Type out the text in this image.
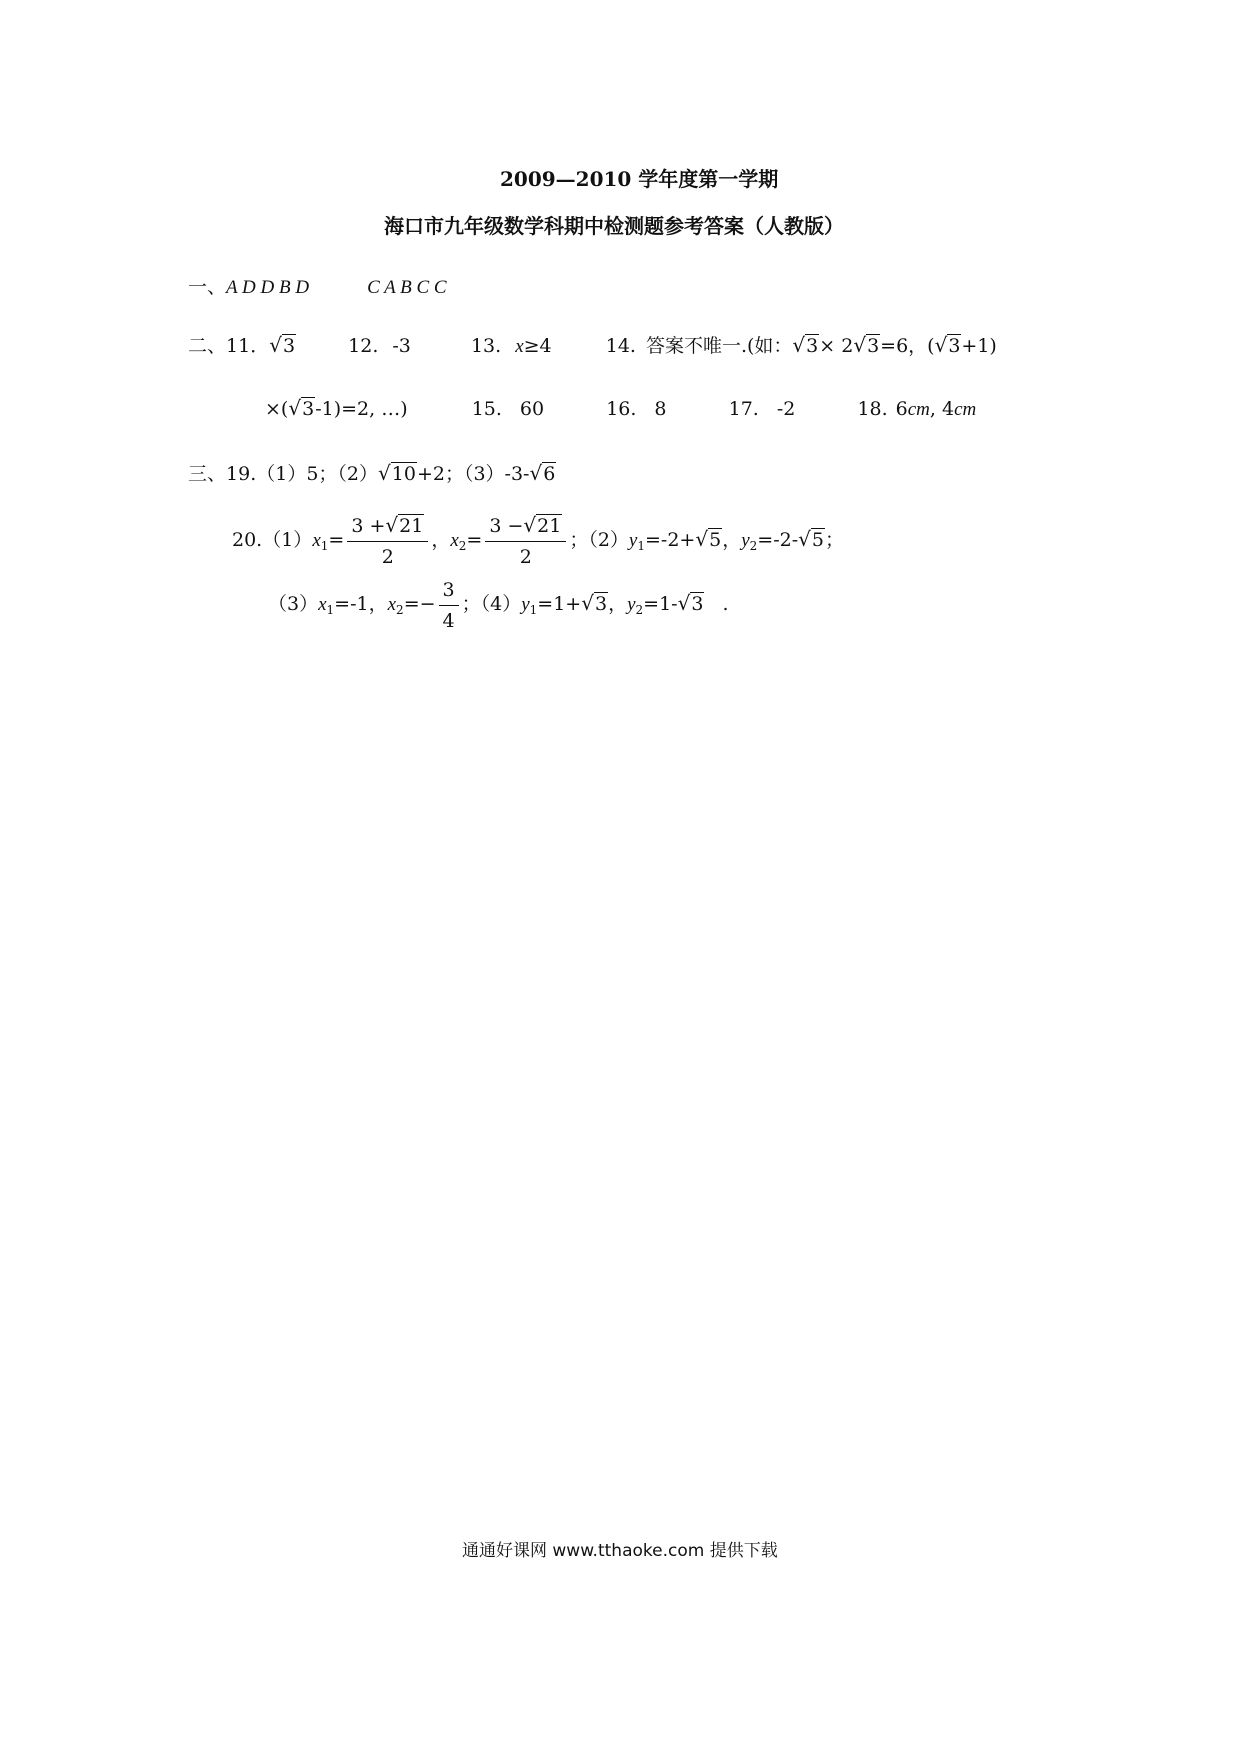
2009—2010 学年度第一学期
海口市九年级数学科期中检测题参考答案（人教版）
一、A D D B D	C A B C C
二、11．√3	12. -3	13. x≥4	14. 答案不唯一.(如：√3× 2√3=6，(√3+1)
×(√3-1)=2, …)	15. 60	16. 8	17. -2	18. 6cm, 4cm
三、19.（1）5；（2）√10+2；（3）-3-√6
$20.(1)x_1= \frac{3 +√21}{2}$ ，$x_2= \frac{3 -√21}{2}$ ；$(2)y_1=-2+√5$，$y_2=-2-√5$；
$(3)x_1=-1$，$x_2=- \frac{3}{4}$ ；$(4)y_1=1+√3$，$y_2=1-√3$ .
通通好课网 www.tthaoke.com 提供下载
